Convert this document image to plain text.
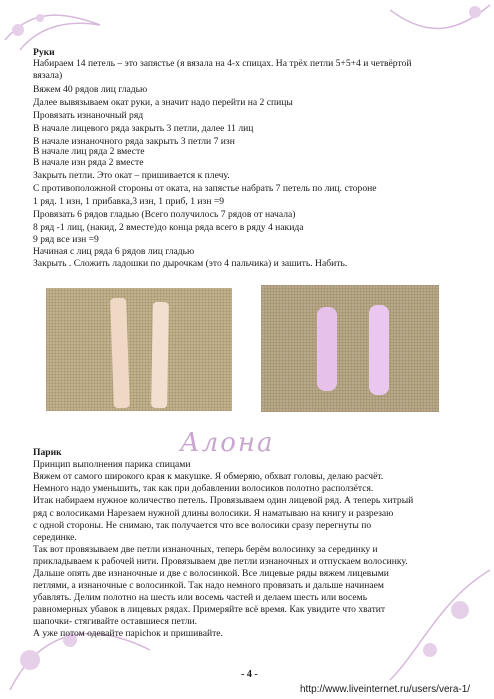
Руки
Набираем 14 петель – это запястье (я вязала на 4-х спицах. На трёх петли 5+5+4 и четвёртой
вязала)
Вяжем 40 рядов лиц гладью
Далее вывязываем окат руки, а значит надо перейти на 2 спицы
Провязать изнаночный ряд
В начале лицевого ряда закрыть 3 петли, далее 11 лиц
В начале изнаночного ряда закрыть 3 петли 7 изн
В начале лиц ряда 2 вместе
В начале изн ряда 2 вместе
Закрыть петли. Это окат – пришивается к плечу.
С противоположной стороны от оката, на запястье набрать 7 петель по лиц. стороне
1 ряд. 1 изн, 1 прибавка,3 изн, 1 приб, 1 изн =9
Провязать 6 рядов гладью (Всего получилось 7 рядов от начала)
8 ряд -1 лиц, (накид, 2 вместе)до конца ряда всего в ряду 4 накида
9 ряд все изн =9
Начиная с лиц ряда 6 рядов лиц гладью
Закрыть . Сложить ладошки по дырочкам (это 4 пальчика) и зашить. Набить.
Алона
Парик
Принцип выполнения парика спицами
Вяжем от самого широкого края к макушке. Я обмеряю, обхват головы, делаю расчёт.
Немного надо уменьшить, так как при добавлении волосиков полотно расползётся.
Итак набираем нужное количество петель. Провязываем один лицевой ряд. А теперь хитрый
ряд с волосиками Нарезаем нужной длины волосики. Я наматываю на книгу и разрезаю
с одной стороны. Не снимаю, так получается что все волосики сразу перегнуты по
серединке.
Так вот провязываем две петли изнаночных, теперь берём волосинку за серединку и
прикладываем к рабочей нити. Провязываем две петли изнаночных и отпускаем волосинку.
Дальше опять две изнаночные и две с волосинкой. Все лицевые ряды вяжем лицевыми
петлями, а изнаночные с волосинкой. Так надо немного провязать и дальше начинаем
убавлять. Делим полотно на шесть или восемь частей и делаем шесть или восемь
равномерных убавок в лицевых рядах. Примеряйте всё время. Как увидите что хватит
шапочки- стягивайте оставшиеся петли.
А уже потом одевайте парichок и пришивайте.
- 4 -
http://www.liveinternet.ru/users/vera-1/
